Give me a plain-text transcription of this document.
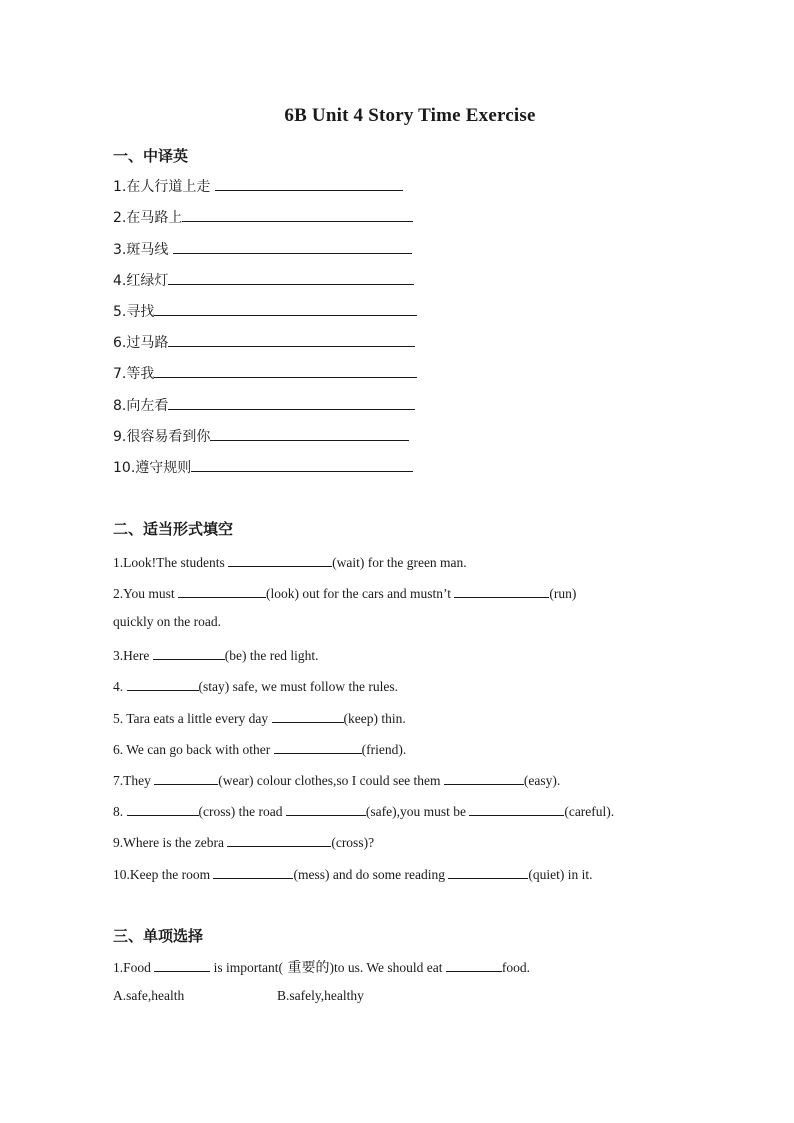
6B Unit 4 Story Time Exercise
一、中译英
1.在人行道上走
2.在马路上
3.斑马线
4.红绿灯
5.寻找
6.过马路
7.等我
8.向左看
9.很容易看到你
10.遵守规则
二、适当形式填空
1.Look!The students	(wait) for the green man.
2.You must	(look) out for the cars and mustn’t	(run)
quickly on the road.
3.Here	(be) the red light.
4.	(stay) safe, we must follow the rules.
5. Tara eats a little every day	(keep) thin.
6. We can go back with other	(friend).
7.They	(wear) colour clothes,so I could see them	(easy).
8.	(cross) the road	(safe),you must be	(careful).
9.Where is the zebra	(cross)?
10.Keep the room	(mess) and do some reading	(quiet) in it.
三、单项选择
1.Food	is important( 重要的)to us. We should eat	food.
A.safe,health	B.safely,healthy
